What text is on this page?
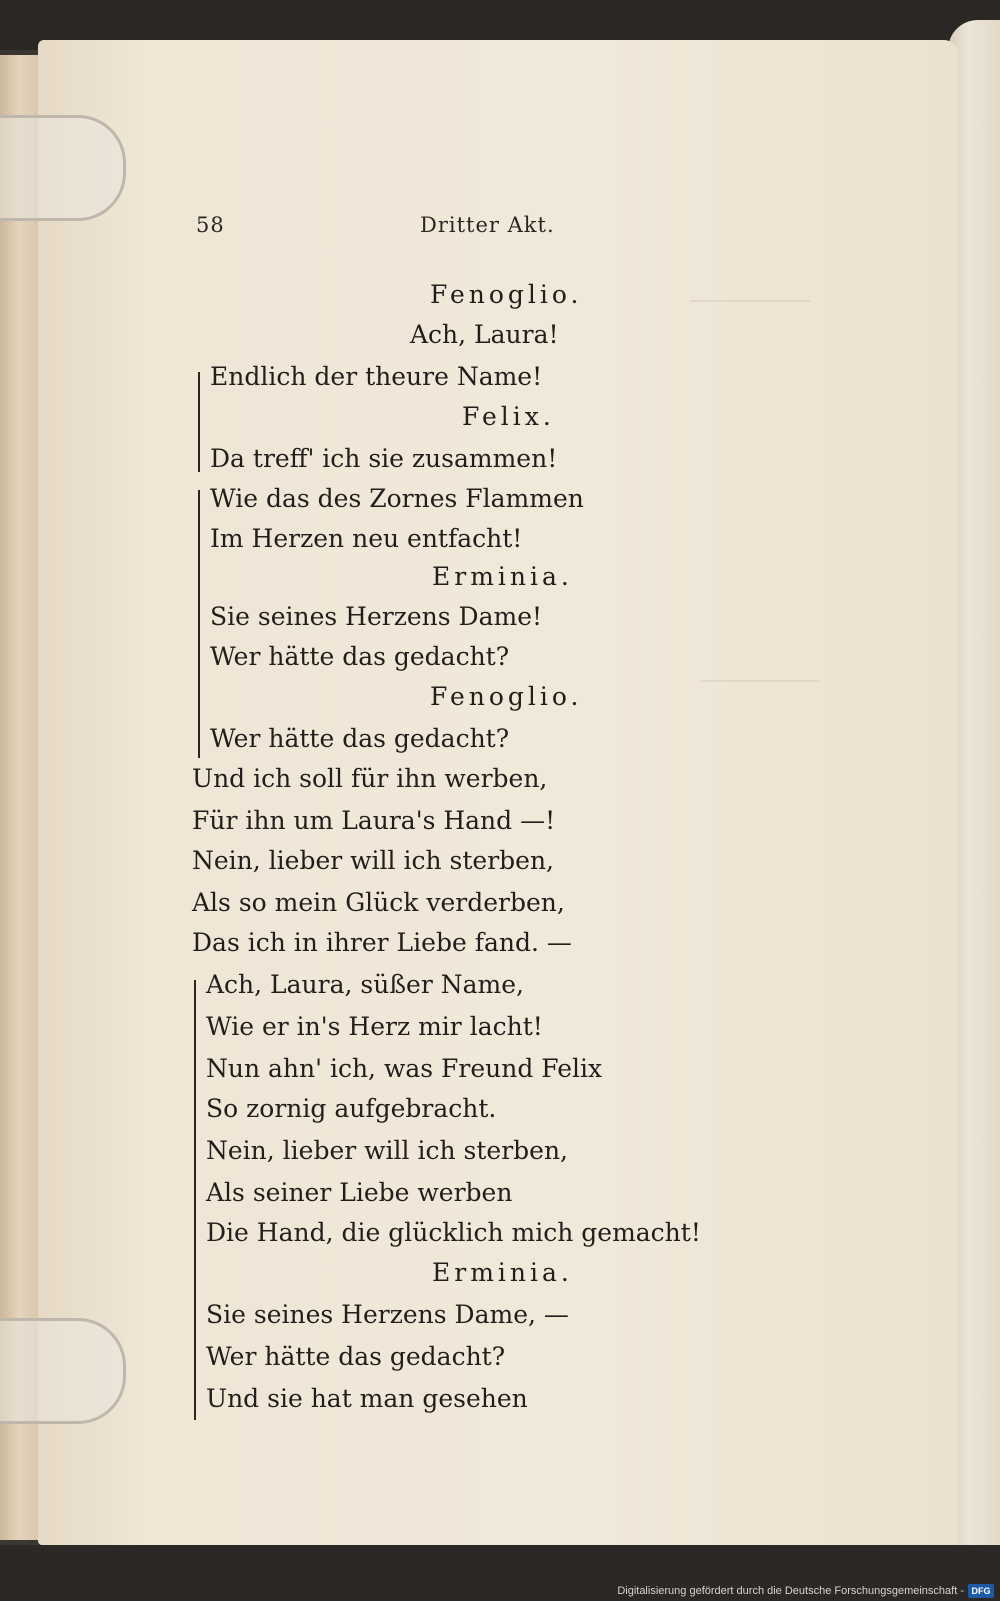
58	Dritter Akt.
Fenoglio.
Ach, Laura!
Endlich der theure Name!
Felix.
Da treff' ich sie zusammen!
Wie das des Zornes Flammen
Im Herzen neu entfacht!
Erminia.
Sie seines Herzens Dame!
Wer hätte das gedacht?
Fenoglio.
Wer hätte das gedacht?
Und ich soll für ihn werben,
Für ihn um Laura's Hand —!
Nein, lieber will ich sterben,
Als so mein Glück verderben,
Das ich in ihrer Liebe fand. —
Ach, Laura, süßer Name,
Wie er in's Herz mir lacht!
Nun ahn' ich, was Freund Felix
So zornig aufgebracht.
Nein, lieber will ich sterben,
Als seiner Liebe werben
Die Hand, die glücklich mich gemacht!
Erminia.
Sie seines Herzens Dame, —
Wer hätte das gedacht?
Und sie hat man gesehen
Digitalisierung gefördert durch die Deutsche Forschungsgemeinschaft - DFG
